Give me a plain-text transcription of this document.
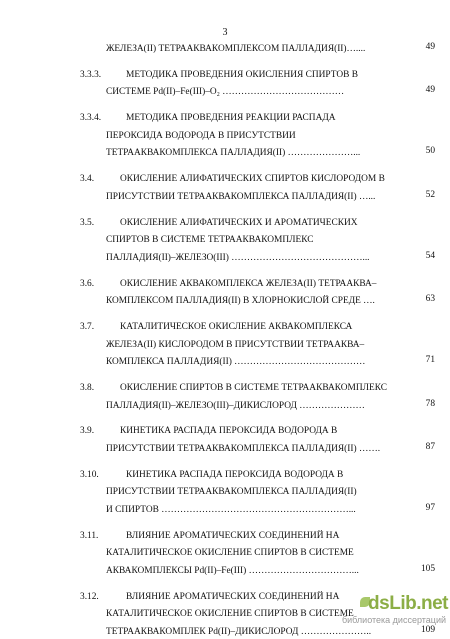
3
ЖЕЛЕЗА(II) ТЕТРААКВАКОМПЛЕКСОМ ПАЛЛАДИЯ(II)…....	49
3.3.3.	МЕТОДИКА ПРОВЕДЕНИЯ ОКИСЛЕНИЯ СПИРТОВ В
СИСТЕМЕ Pd(II)–Fe(III)–O₂ …………………………………	49
3.3.4.	МЕТОДИКА ПРОВЕДЕНИЯ РЕАКЦИИ РАСПАДА
ПЕРОКСИДА ВОДОРОДА В ПРИСУТСТВИИ
ТЕТРААКВАКОМПЛЕКСА ПАЛЛАДИЯ(II) …………………...	50
3.4.	ОКИСЛЕНИЕ АЛИФАТИЧЕСКИХ СПИРТОВ КИСЛОРОДОМ В
ПРИСУТСТВИИ ТЕТРААКВАКОМПЛЕКСА ПАЛЛАДИЯ(II) …...	52
3.5.	ОКИСЛЕНИЕ АЛИФАТИЧЕСКИХ И АРОМАТИЧЕСКИХ
СПИРТОВ В СИСТЕМЕ ТЕТРААКВАКОМПЛЕКС
ПАЛЛАДИЯ(II)–ЖЕЛЕЗО(III) ……………………………………...	54
3.6.	ОКИСЛЕНИЕ АКВАКОМПЛЕКСА ЖЕЛЕЗА(II) ТЕТРААКВА–
КОМПЛЕКСОМ ПАЛЛАДИЯ(II) В ХЛОРНОКИСЛОЙ СРЕДЕ ….	63
3.7.	КАТАЛИТИЧЕСКОЕ ОКИСЛЕНИЕ АКВАКОМПЛЕКСА
ЖЕЛЕЗА(II) КИСЛОРОДОМ В ПРИСУТСТВИИ ТЕТРААКВА–
КОМПЛЕКСА ПАЛЛАДИЯ(II) ……………………………………	71
3.8.	ОКИСЛЕНИЕ СПИРТОВ В СИСТЕМЕ ТЕТРААКВАКОМПЛЕКС
ПАЛЛАДИЯ(II)–ЖЕЛЕЗО(III)–ДИКИСЛОРОД …………………	78
3.9.	КИНЕТИКА РАСПАДА ПЕРОКСИДА ВОДОРОДА В
ПРИСУТСТВИИ ТЕТРААКВАКОМПЛЕКСА ПАЛЛАДИЯ(II) …….	87
3.10.	КИНЕТИКА РАСПАДА ПЕРОКСИДА ВОДОРОДА В
ПРИСУТСТВИИ ТЕТРААКВАКОМПЛЕКСА ПАЛЛАДИЯ(II)
И СПИРТОВ ……………………………………………………...	97
3.11.	ВЛИЯНИЕ АРОМАТИЧЕСКИХ СОЕДИНЕНИЙ НА
КАТАЛИТИЧЕСКОЕ ОКИСЛЕНИЕ СПИРТОВ В СИСТЕМЕ
АКВАКОМПЛЕКСЫ Pd(II)–Fe(III) ……………………………...	105
3.12.	ВЛИЯНИЕ АРОМАТИЧЕСКИХ СОЕДИНЕНИЙ НА
КАТАЛИТИЧЕСКОЕ ОКИСЛЕНИЕ СПИРТОВ В СИСТЕМЕ
ТЕТРААКВАКОМПЛЕК Pd(II)–ДИКИСЛОРОД …………………..	109
dsLib.net
библиотека диссертаций
